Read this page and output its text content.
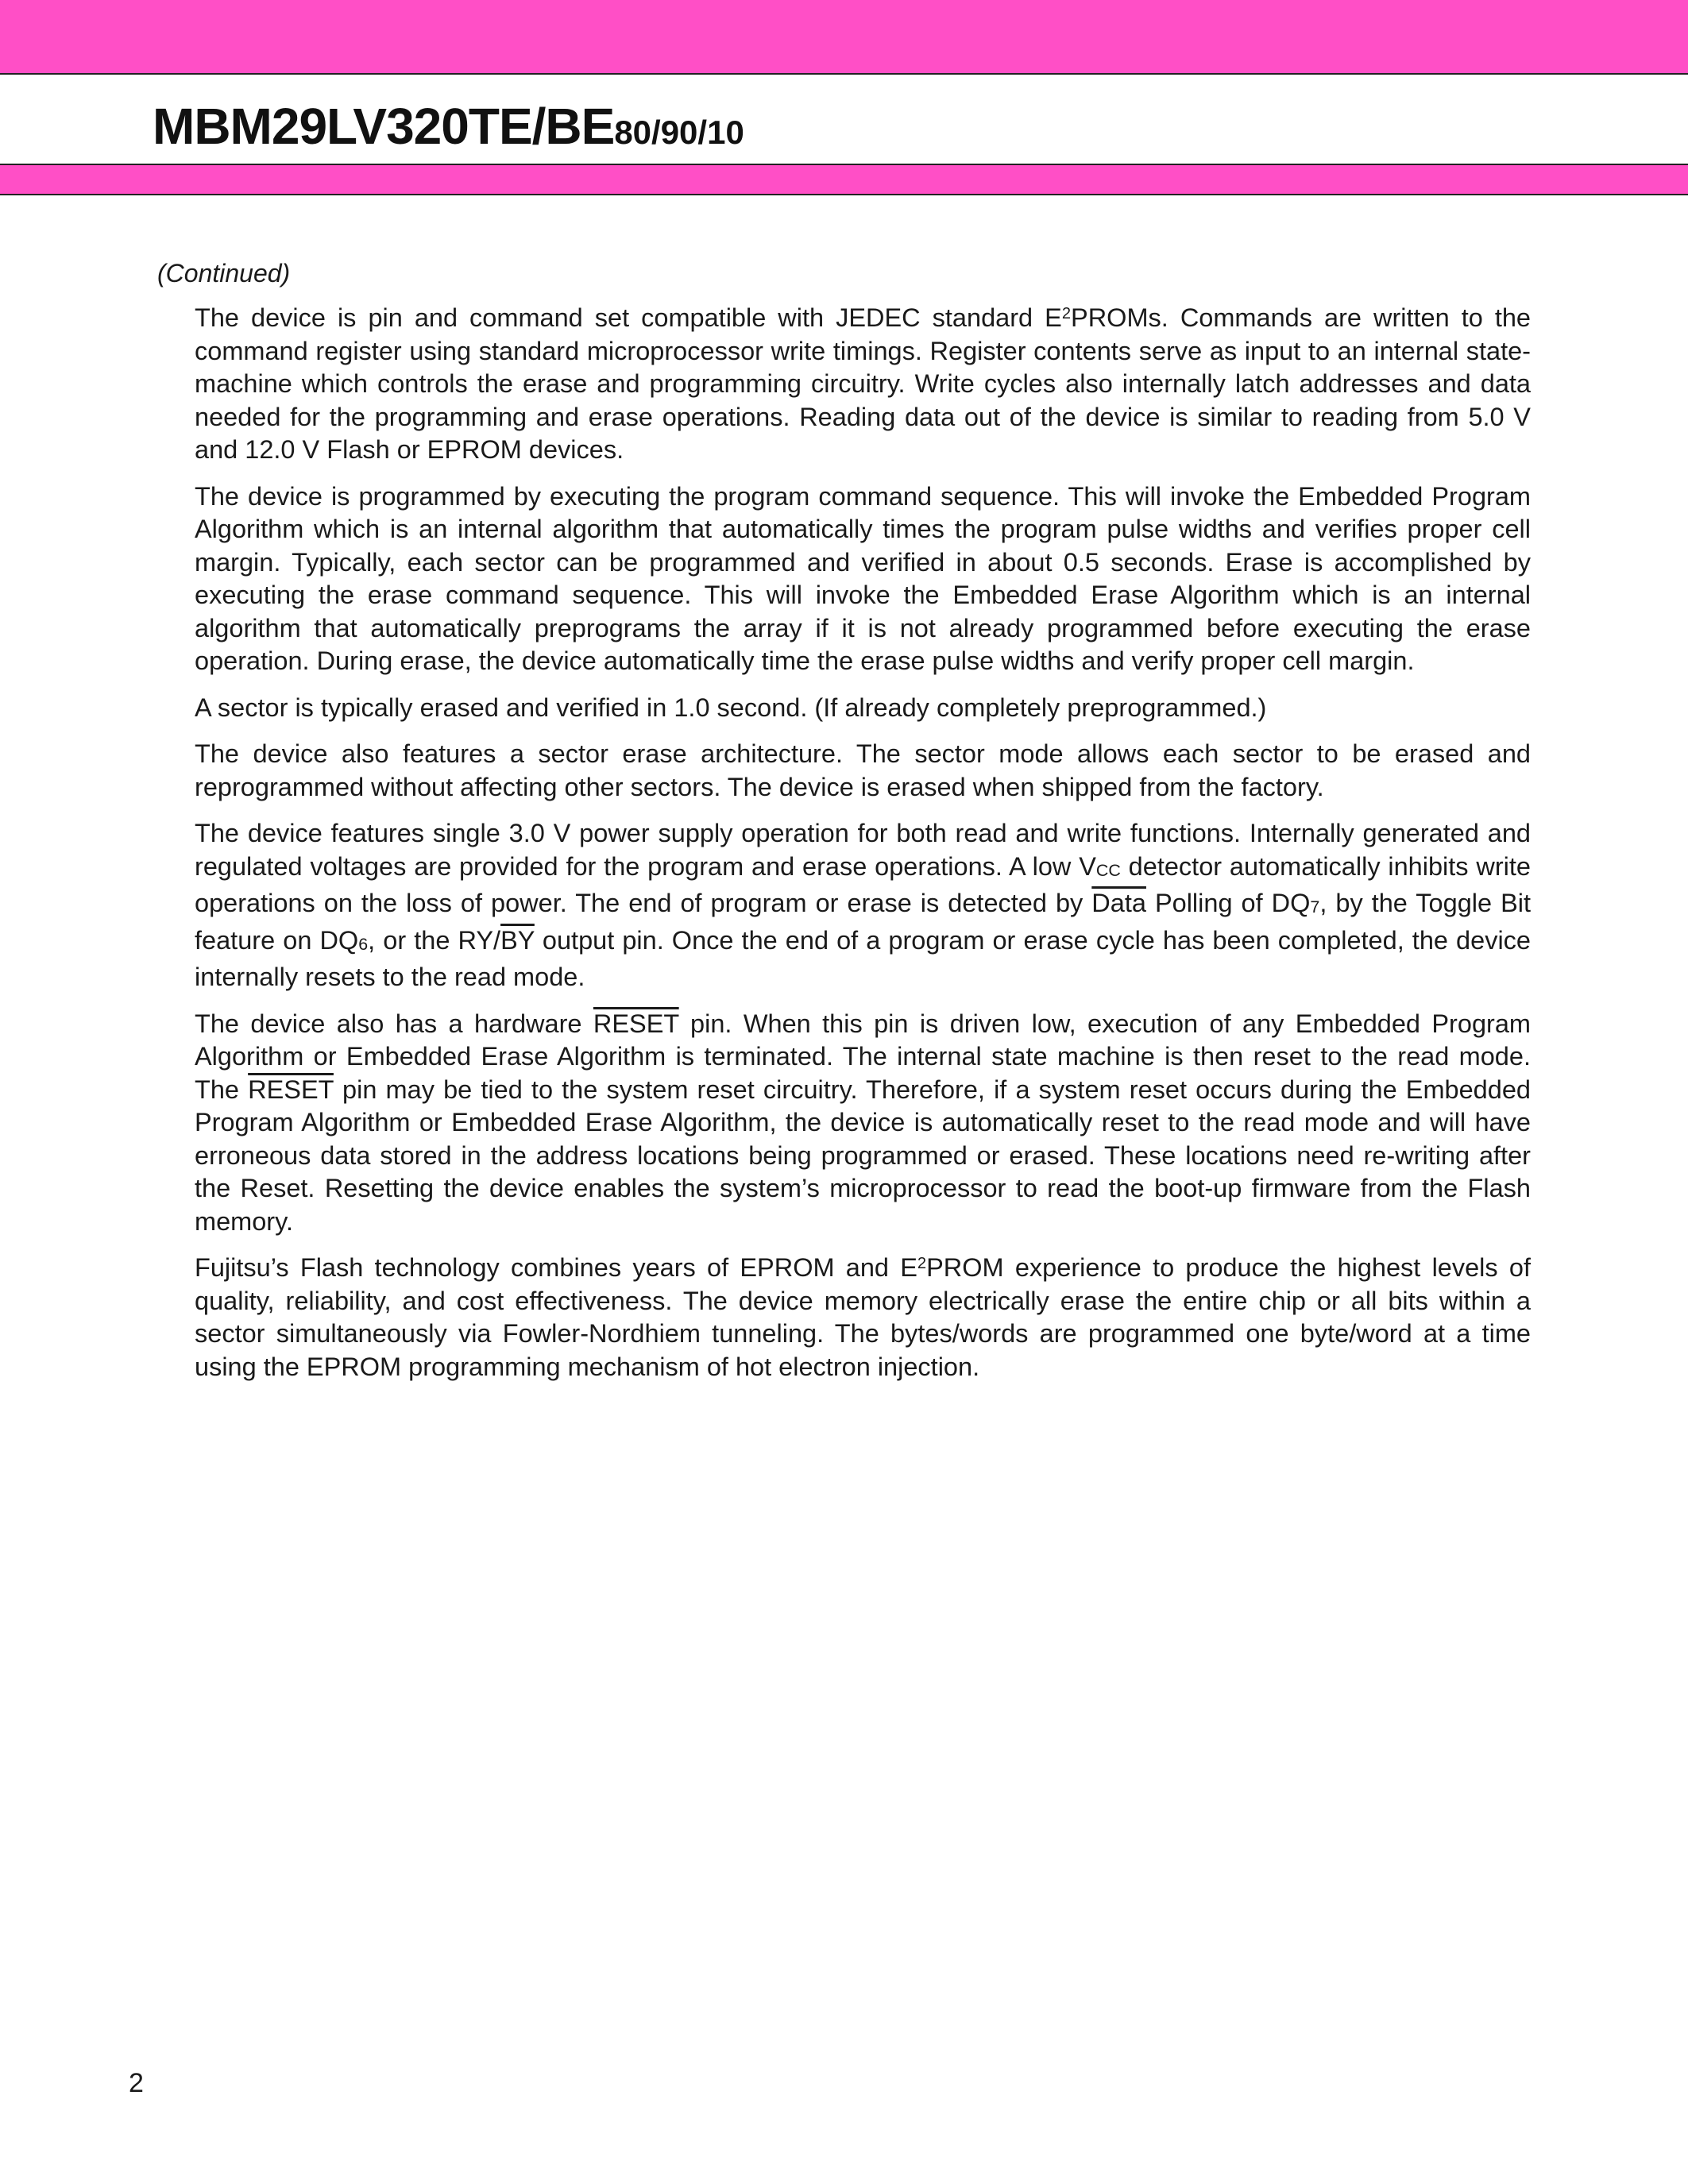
MBM29LV320TE/BE80/90/10
(Continued)

The device is pin and command set compatible with JEDEC standard $E^2PROMs$. Commands are written to the command register using standard microprocessor write timings. Register contents serve as input to an internal state-machine which controls the erase and programming circuitry. Write cycles also internally latch addresses and data needed for the programming and erase operations. Reading data out of the device is similar to reading from 5.0 V and 12.0 V Flash or EPROM devices.

The device is programmed by executing the program command sequence. This will invoke the Embedded Program Algorithm which is an internal algorithm that automatically times the program pulse widths and verifies proper cell margin. Typically, each sector can be programmed and verified in about 0.5 seconds. Erase is accomplished by executing the erase command sequence. This will invoke the Embedded Erase Algorithm which is an internal algorithm that automatically preprograms the array if it is not already programmed before executing the erase operation. During erase, the device automatically time the erase pulse widths and verify proper cell margin.

A sector is typically erased and verified in 1.0 second. (If already completely preprogrammed.)

The device also features a sector erase architecture. The sector mode allows each sector to be erased and reprogrammed without affecting other sectors. The device is erased when shipped from the factory.

The device features single 3.0 V power supply operation for both read and write functions. Internally generated and regulated voltages are provided for the program and erase operations. A low VCC detector automatically inhibits write operations on the loss of power. The end of program or erase is detected by Data Polling of DQ7, by the Toggle Bit feature on DQ6, or the $RY/\overline{BY}$ output pin. Once the end of a program or erase cycle has been completed, the device internally resets to the read mode.

The device also has a hardware RESET pin. When this pin is driven low, execution of any Embedded Program Algorithm or Embedded Erase Algorithm is terminated. The internal state machine is then reset to the read mode. The RESET pin may be tied to the system reset circuitry. Therefore, if a system reset occurs during the Embedded Program Algorithm or Embedded Erase Algorithm, the device is automatically reset to the read mode and will have erroneous data stored in the address locations being programmed or erased. These locations need re-writing after the Reset. Resetting the device enables the system’s microprocessor to read the boot-up firmware from the Flash memory.

Fujitsu’s Flash technology combines years of EPROM and $E^2PROM$ experience to produce the highest levels of quality, reliability, and cost effectiveness. The device memory electrically erase the entire chip or all bits within a sector simultaneously via Fowler-Nordhiem tunneling. The bytes/words are programmed one byte/word at a time using the EPROM programming mechanism of hot electron injection.

2
